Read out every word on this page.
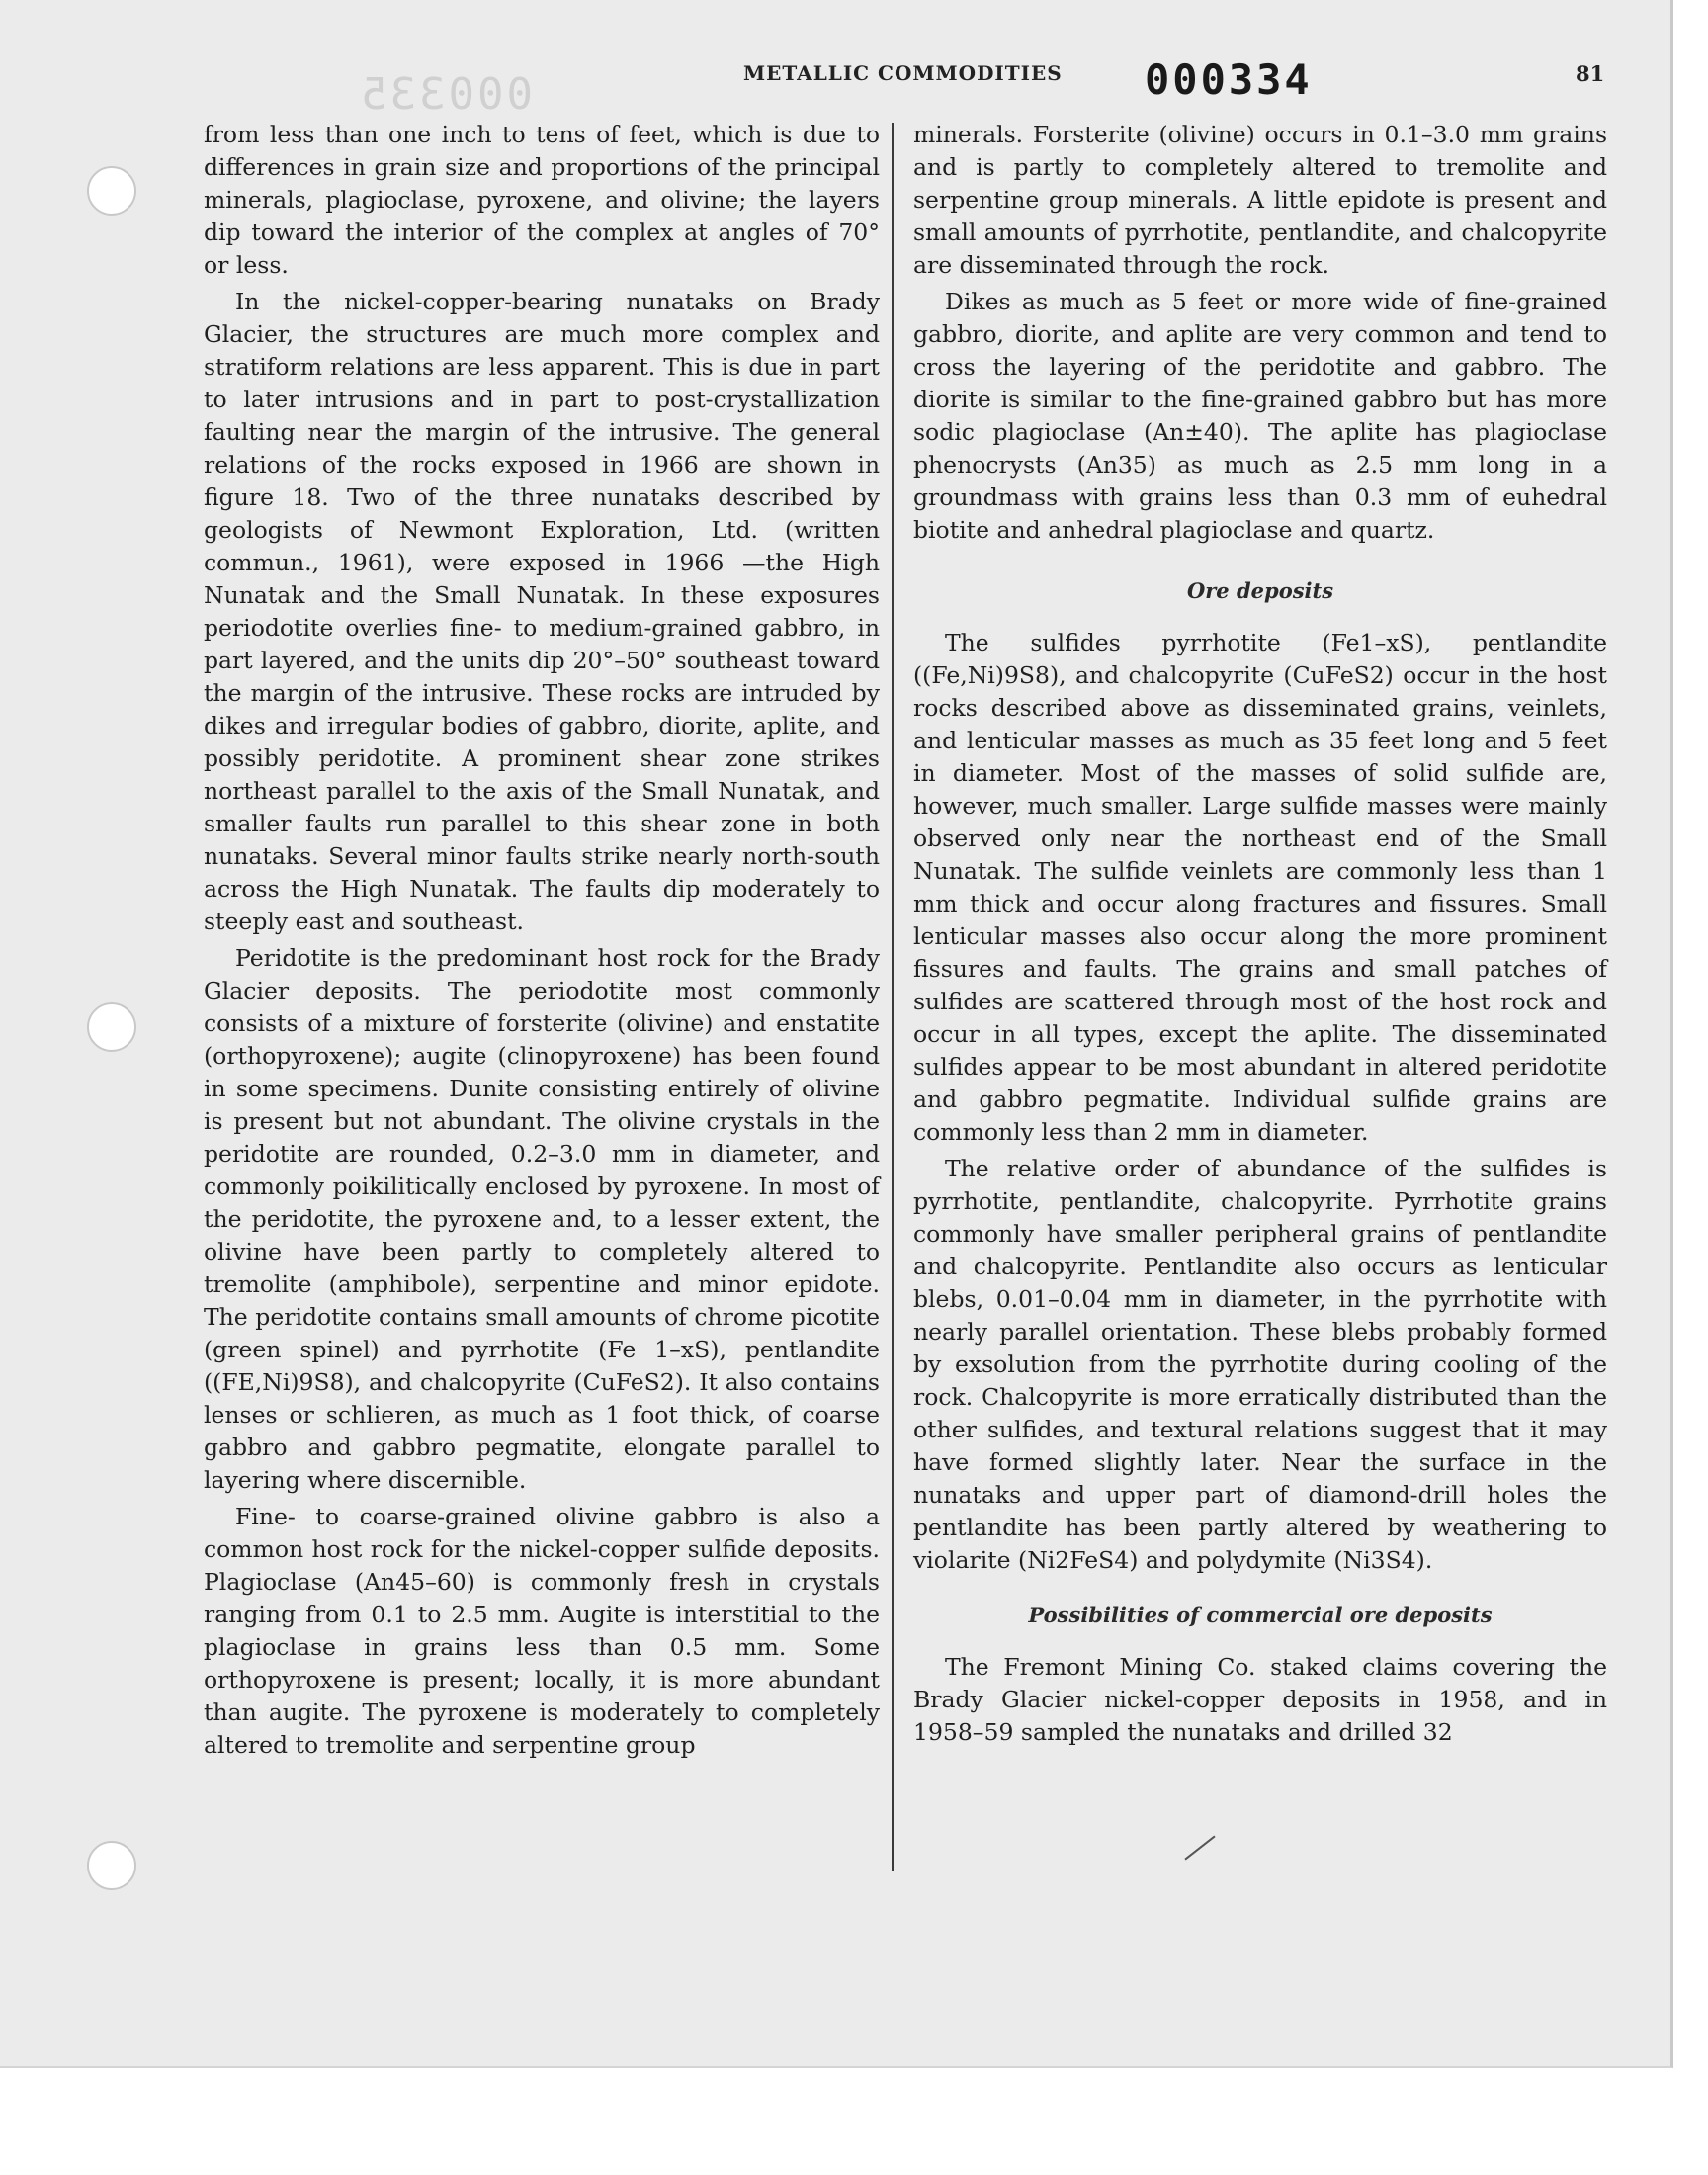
000335	METALLIC COMMODITIES 000334	81

from less than one inch to tens of feet, which is due to differences in grain size and proportions of the principal minerals, plagioclase, pyroxene, and olivine; the layers dip toward the interior of the complex at angles of 70° or less.

In the nickel-copper-bearing nunataks on Brady Glacier, the structures are much more complex and stratiform relations are less apparent. This is due in part to later intrusions and in part to post-crystallization faulting near the margin of the intrusive. The general relations of the rocks exposed in 1966 are shown in figure 18. Two of the three nunataks described by geologists of Newmont Exploration, Ltd. (written commun., 1961), were exposed in 1966 —the High Nunatak and the Small Nunatak. In these exposures periodotite overlies fine- to medium-grained gabbro, in part layered, and the units dip 20°–50° southeast toward the margin of the intrusive. These rocks are intruded by dikes and irregular bodies of gabbro, diorite, aplite, and possibly peridotite. A prominent shear zone strikes northeast parallel to the axis of the Small Nunatak, and smaller faults run parallel to this shear zone in both nunataks. Several minor faults strike nearly north-south across the High Nunatak. The faults dip moderately to steeply east and southeast.

Peridotite is the predominant host rock for the Brady Glacier deposits. The periodotite most commonly consists of a mixture of forsterite (olivine) and enstatite (orthopyroxene); augite (clinopyroxene) has been found in some specimens. Dunite consisting entirely of olivine is present but not abundant. The olivine crystals in the peridotite are rounded, 0.2–3.0 mm in diameter, and commonly poikilitically enclosed by pyroxene. In most of the peridotite, the pyroxene and, to a lesser extent, the olivine have been partly to completely altered to tremolite (amphibole), serpentine and minor epidote. The peridotite contains small amounts of chrome picotite (green spinel) and pyrrhotite (Fe 1–xS), pentlandite ((FE,Ni)9S8), and chalcopyrite (CuFeS2). It also contains lenses or schlieren, as much as 1 foot thick, of coarse gabbro and gabbro pegmatite, elongate parallel to layering where discernible.

Fine- to coarse-grained olivine gabbro is also a common host rock for the nickel-copper sulfide deposits. Plagioclase (An45–60) is commonly fresh in crystals ranging from 0.1 to 2.5 mm. Augite is interstitial to the plagioclase in grains less than 0.5 mm. Some orthopyroxene is present; locally, it is more abundant than augite. The pyroxene is moderately to completely altered to tremolite and serpentine group

minerals. Forsterite (olivine) occurs in 0.1–3.0 mm grains and is partly to completely altered to tremolite and serpentine group minerals. A little epidote is present and small amounts of pyrrhotite, pentlandite, and chalcopyrite are disseminated through the rock.

Dikes as much as 5 feet or more wide of fine-grained gabbro, diorite, and aplite are very common and tend to cross the layering of the peridotite and gabbro. The diorite is similar to the fine-grained gabbro but has more sodic plagioclase (An±40). The aplite has plagioclase phenocrysts (An35) as much as 2.5 mm long in a groundmass with grains less than 0.3 mm of euhedral biotite and anhedral plagioclase and quartz.

Ore deposits

The sulfides pyrrhotite (Fe1–xS), pentlandite ((Fe,Ni)9S8), and chalcopyrite (CuFeS2) occur in the host rocks described above as disseminated grains, veinlets, and lenticular masses as much as 35 feet long and 5 feet in diameter. Most of the masses of solid sulfide are, however, much smaller. Large sulfide masses were mainly observed only near the northeast end of the Small Nunatak. The sulfide veinlets are commonly less than 1 mm thick and occur along fractures and fissures. Small lenticular masses also occur along the more prominent fissures and faults. The grains and small patches of sulfides are scattered through most of the host rock and occur in all types, except the aplite. The disseminated sulfides appear to be most abundant in altered peridotite and gabbro pegmatite. Individual sulfide grains are commonly less than 2 mm in diameter.

The relative order of abundance of the sulfides is pyrrhotite, pentlandite, chalcopyrite. Pyrrhotite grains commonly have smaller peripheral grains of pentlandite and chalcopyrite. Pentlandite also occurs as lenticular blebs, 0.01–0.04 mm in diameter, in the pyrrhotite with nearly parallel orientation. These blebs probably formed by exsolution from the pyrrhotite during cooling of the rock. Chalcopyrite is more erratically distributed than the other sulfides, and textural relations suggest that it may have formed slightly later. Near the surface in the nunataks and upper part of diamond-drill holes the pentlandite has been partly altered by weathering to violarite (Ni2FeS4) and polydymite (Ni3S4).

Possibilities of commercial ore deposits

The Fremont Mining Co. staked claims covering the Brady Glacier nickel-copper deposits in 1958, and in 1958–59 sampled the nunataks and drilled 32
